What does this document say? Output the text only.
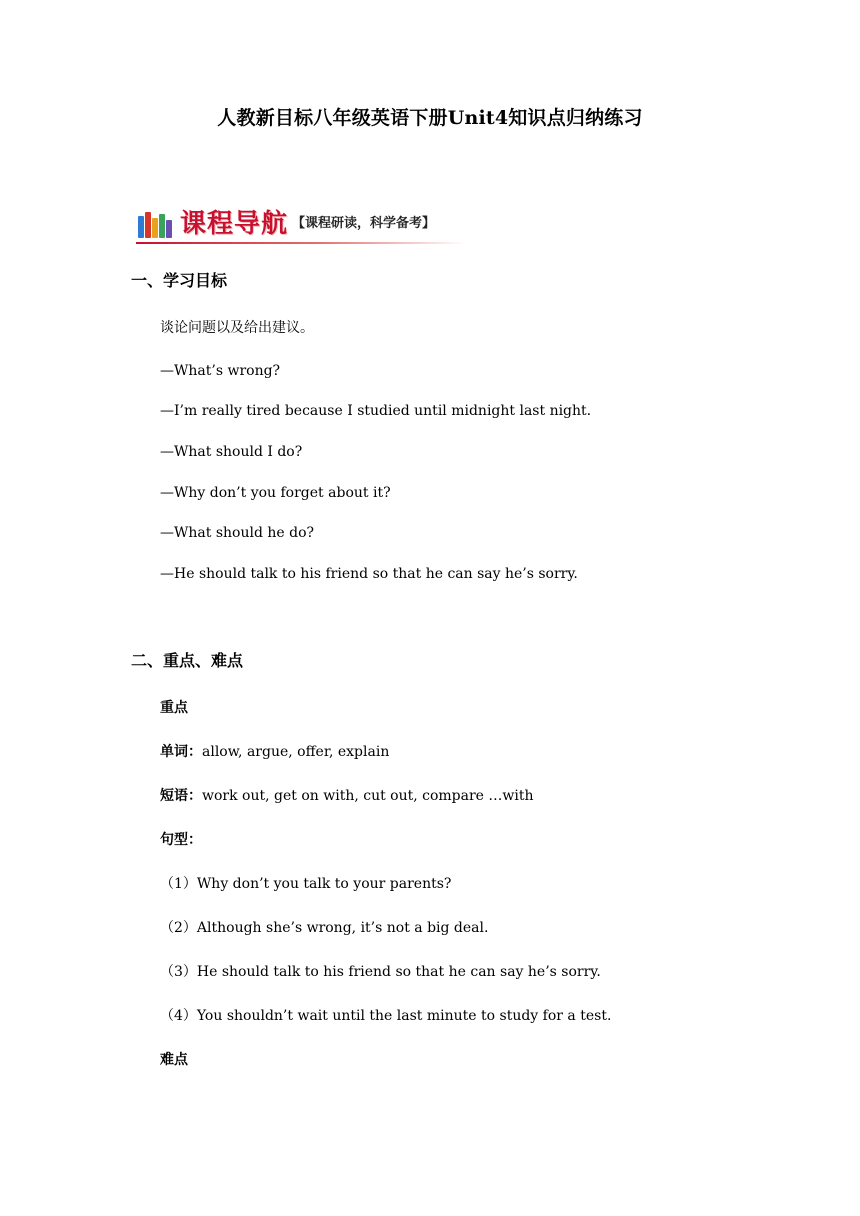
人教新目标八年级英语下册Unit4知识点归纳练习
课程导航 【课程研读，科学备考】
一、学习目标
谈论问题以及给出建议。
—What’s wrong?
—I’m really tired because I studied until midnight last night.
—What should I do?
—Why don’t you forget about it?
—What should he do?
—He should talk to his friend so that he can say he’s sorry.
二、重点、难点
重点
单词：allow, argue, offer, explain
短语：work out, get on with, cut out, compare …with
句型：
（1）Why don’t you talk to your parents?
（2）Although she’s wrong, it’s not a big deal.
（3）He should talk to his friend so that he can say he’s sorry.
（4）You shouldn’t wait until the last minute to study for a test.
难点
